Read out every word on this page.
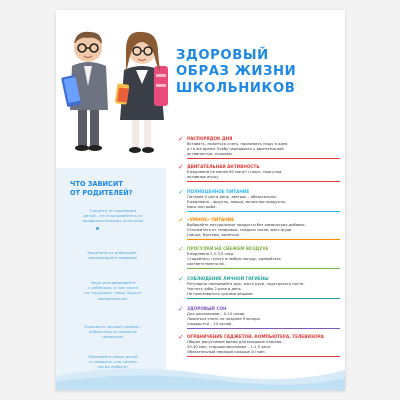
ЗДОРОВЫЙ
ОБРАЗ ЖИЗНИ
ШКОЛЬНИКОВ
ЧТО ЗАВИСИТ
ОТ РОДИТЕЛЕЙ?
Следите за здоровьем
детей – не отказывайтесь от
профилактических осмотров!
Защитите от инфекций –
вакцинируйте вовремя!
Чаще разговаривайте
с ребенком, в том числе
на «трудные» темы, будьте
внимательны!
Покажите личный пример –
избавьтесь от вредных
привычек!
Обнимайте своих детей
и говорите, как сильно
вы их любите!
✓ РАСПОРЯДОК ДНЯ
Вставать, ложиться спать, принимать пищу в одно
и то же время. Учебу чередовать с двигательной
активностью, отдыхом.
✓ ДВИГАТЕЛЬНАЯ АКТИВНОСТЬ
Ежедневно не менее 60 минут (спорт, прогулки,
активные игры).
✓ ПОЛНОЦЕННОЕ ПИТАНИЕ
Питание 5 раз в день, завтрак – обязательно!
Ежедневно – фрукты, овощи, молочные продукты,
мясо или рыба.
✓ «УМНОЕ» ПИТАНИЕ
Выбирайте натуральные продукты без химических добавок.
Откажитесь от газировки, сладких соков, фаст-фуда
(пицца, бургеры, выпечка).
✓ ПРОГУЛКИ НА СВЕЖЕМ ВОЗДУХЕ
Ежедневно 2,5-3,5 часа.
Старайтесь гулять в любую погоду, одевайтесь
соответственно ей.
✓ СОБЛЮДЕНИЕ ЛИЧНОЙ ГИГИЕНЫ
Регулярно принимайте душ, мыть руки, подстригать ногти.
Чистить зубы 2 раза в день.
Не пользоваться чужими вещами.
✓ ЗДОРОВЫЙ СОН
Для школьников – 9-10 часов.
Ложиться спать не позднее 9 вечера
(подростки – 10 часов).
✓ ОГРАНИЧЕНИЕ ГАДЖЕТОВ, КОМПЬЮТЕРА, ТЕЛЕВИЗОРА
Общее допустимое время для младших классов –
20-30 мин, старшеклассникам – 1-1,5 часа.
Обязательный перерыв каждые 20 мин.
